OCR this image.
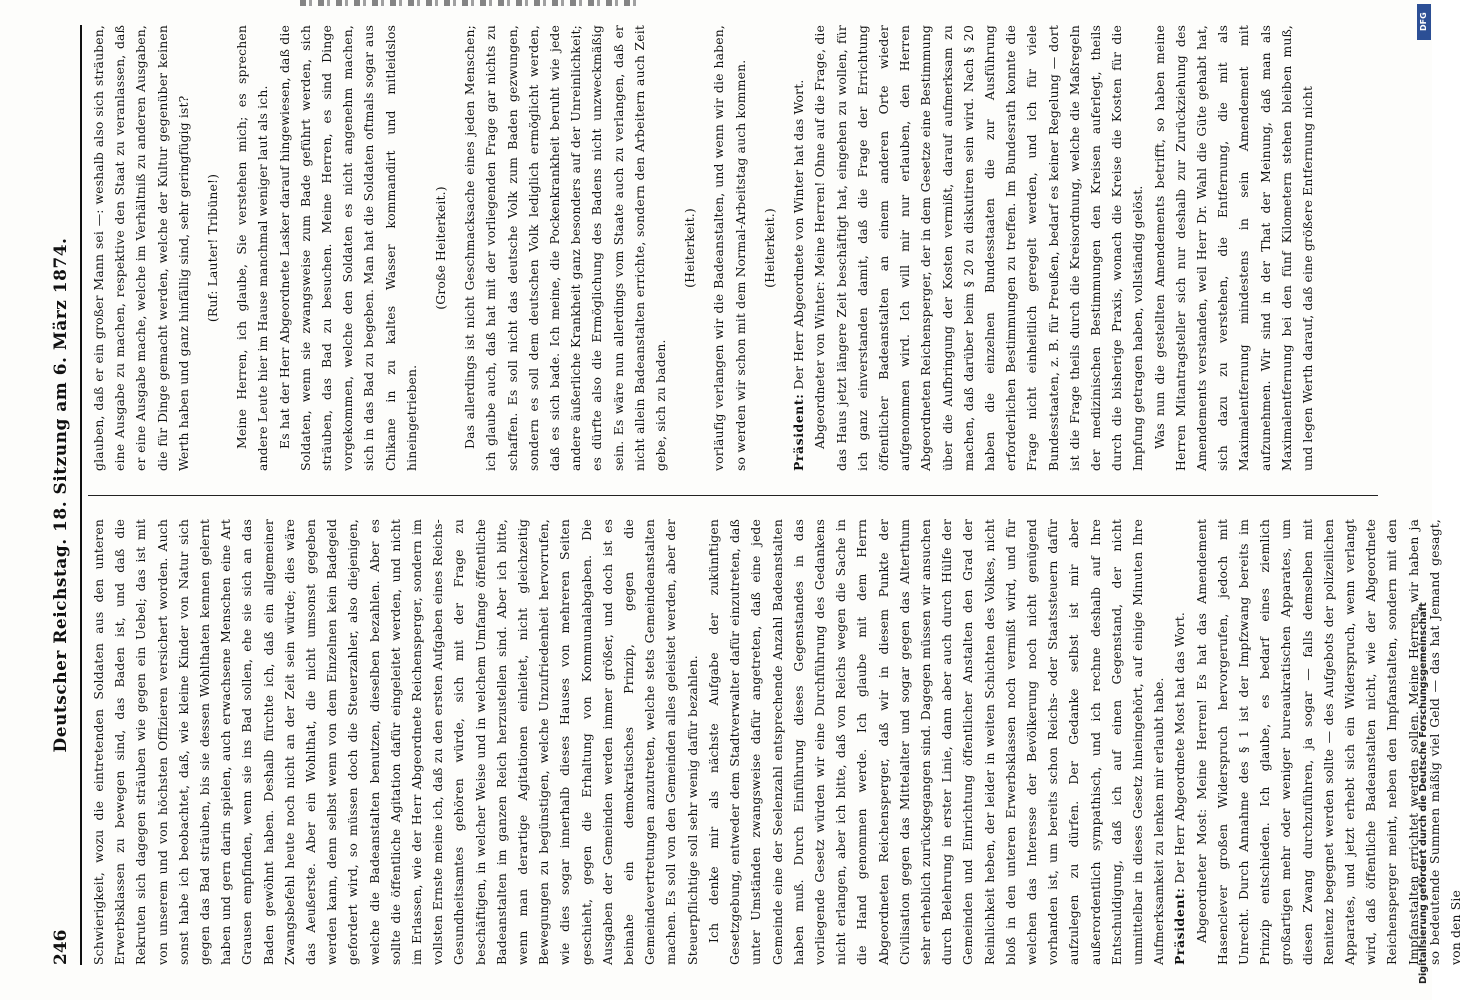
246
Deutscher Reichstag. 18. Sitzung am 6. März 1874.	Schwierigkeit, wozu die eintretenden Soldaten aus den unteren Erwerbsklassen zu bewegen sind, das Baden ist, und daß die Rekruten sich dagegen sträuben wie gegen ein Uebel; das ist mit von unserem und von höchsten Offizieren versichert worden. Auch sonst habe ich beobachtet, daß, wie kleine Kinder von Natur sich gegen das Bad sträuben, bis sie dessen Wohlthaten kennen gelernt haben und gern darin spielen, auch erwachsene Menschen eine Art Grausen empfinden, wenn sie ins Bad sollen, ehe sie sich an das Baden gewöhnt haben. Deshalb fürchte ich, daß ein allgemeiner Zwangsbefehl heute noch nicht an der Zeit sein würde; dies wäre das Aeußerste. Aber ein Wohlthat, die nicht umsonst gegeben werden kann, denn selbst wenn von dem Einzelnen kein Badegeld gefordert wird, so müssen doch die Steuerzahler, also diejenigen, welche die Badeanstalten benutzen, dieselben bezahlen. Aber es sollte die öffentliche Agitation dafür eingeleitet werden, und nicht im Erlassen, wie der Herr Abgeordnete Reichensperger, sondern im vollsten Ernste meine ich, daß zu den ersten Aufgaben eines Reichs-Gesundheitsamtes gehören würde, sich mit der Frage zu beschäftigen, in welcher Weise und in welchem Umfange öffentliche Badeanstalten im ganzen Reich herzustellen sind. Aber ich bitte, wenn man derartige Agitationen einleitet, nicht gleichzeitig Bewegungen zu begünstigen, welche Unzufriedenheit hervorrufen, wie dies sogar innerhalb dieses Hauses von mehreren Seiten geschieht, gegen die Erhaltung von Kommunalabgaben. Die Ausgaben der Gemeinden werden immer größer, und doch ist es beinahe ein demokratisches Prinzip, gegen die Gemeindevertretungen anzutreten, welche stets Gemeindeanstalten machen. Es soll von den Gemeinden alles geleistet werden, aber der Steuerpflichtige soll sehr wenig dafür bezahlen. Ich denke mir als nächste Aufgabe der zukünftigen Gesetzgebung, entweder dem Stadtverwalter dafür einzutreten, daß unter Umständen zwangsweise dafür angetreten, daß eine jede Gemeinde eine der Seelenzahl entsprechende Anzahl Badeanstalten haben muß. Durch Einführung dieses Gegenstandes in das vorliegende Gesetz würden wir eine Durchführung des Gedankens nicht erlangen, aber ich bitte, daß von Reichs wegen die Sache in die Hand genommen werde. Ich glaube mit dem Herrn Abgeordneten Reichensperger, daß wir in diesem Punkte der Civilisation gegen das Mittelalter und sogar gegen das Alterthum sehr erheblich zurückgegangen sind. Dagegen müssen wir ansuchen durch Belehrung in erster Linie, dann aber auch durch Hülfe der Gemeinden und Einrichtung öffentlicher Anstalten den Grad der Reinlichkeit heben, der leider in weiten Schichten des Volkes, nicht bloß in den unteren Erwerbsklassen noch vermißt wird, und für welchen das Interesse der Bevölkerung noch nicht genügend vorhanden ist, um bereits schon Reichs- oder Staatssteuern dafür aufzulegen zu dürfen. Der Gedanke selbst ist mir aber außerordentlich sympathisch, und ich rechne deshalb auf Ihre Entschuldigung, daß ich auf einen Gegenstand, der nicht unmittelbar in dieses Gesetz hineingehört, auf einige Minuten Ihre Aufmerksamkeit zu lenken mir erlaubt habe. Präsident: Der Herr Abgeordnete Most hat das Wort. Abgeordneter Most: Meine Herren! Es hat das Amendement Hasenclever großen Widerspruch hervorgerufen, jedoch mit Unrecht. Durch Annahme des § 1 ist der Impfzwang bereits im Prinzip entschieden. Ich glaube, es bedarf eines ziemlich großartigen mehr oder weniger bureaukratischen Apparates, um diesen Zwang durchzuführen, ja sogar — falls demselben mit Renitenz begegnet werden sollte — des Aufgebots der polizeilichen Apparates, und jetzt erhebt sich ein Widerspruch, wenn verlangt wird, daß öffentliche Badeanstalten nicht, wie der Abgeordnete Reichensperger meint, neben den Impfanstalten, sondern mit den Impfanstalten errichtet werden sollen. Meine Herren, wir haben ja so bedeutende Summen mäßig viel Geld — das hat Jemand gesagt, von den Sie

glauben, daß er ein großer Mann sei —: weshalb also sich sträuben, eine Ausgabe zu machen, respektive den Staat zu veranlassen, daß er eine Ausgabe mache, welche im Verhältniß zu anderen Ausgaben, die für Dinge gemacht werden, welche der Kultur gegenüber keinen Werth haben und ganz hinfällig sind, sehr geringfügig ist? (Ruf: Lauter! Tribüne!) Meine Herren, ich glaube, Sie verstehen mich; es sprechen andere Leute hier im Hause manchmal weniger laut als ich. Es hat der Herr Abgeordnete Lasker darauf hingewiesen, daß die Soldaten, wenn sie zwangsweise zum Bade geführt werden, sich sträuben, das Bad zu besuchen. Meine Herren, es sind Dinge vorgekommen, welche den Soldaten es nicht angenehm machen, sich in das Bad zu begeben. Man hat die Soldaten oftmals sogar aus Chikane in zu kaltes Wasser kommandirt und mitleidslos hineingetrieben.

(Große Heiterkeit.) Das allerdings ist nicht Geschmacksache eines jeden Menschen; ich glaube auch, daß hat mit der vorliegenden Frage gar nichts zu schaffen. Es soll nicht das deutsche Volk zum Baden gezwungen, sondern es soll dem deutschen Volk lediglich ermöglicht werden, daß es sich bade. Ich meine, die Pockenkrankheit beruht wie jede andere äußerliche Krankheit ganz besonders auf der Unreinlichkeit; es dürfte also die Ermöglichung des Badens nicht unzweckmäßig sein. Es wäre nun allerdings vom Staate auch zu verlangen, daß er nicht allein Badeanstalten errichte, sondern den Arbeitern auch Zeit gebe, sich zu baden.

(Heiterkeit.) vorläufig verlangen wir die Badeanstalten, und wenn wir die haben, so werden wir schon mit dem Normal-Arbeitstag auch kommen. (Heiterkeit.)

Präsident: Der Herr Abgeordnete von Winter hat das Wort. Abgeordneter von Winter: Meine Herren! Ohne auf die Frage, die das Haus jetzt längere Zeit beschäftigt hat, eingehen zu wollen, für ich ganz einverstanden damit, daß die Frage der Errichtung öffentlicher Badeanstalten an einem anderen Orte wieder aufgenommen wird. Ich will mir nur erlauben, den Herren Abgeordneten Reichensperger, der in dem Gesetze eine Bestimmung über die Aufbringung der Kosten vermißt, darauf aufmerksam zu machen, daß darüber beim § 20 zu diskutiren sein wird. Nach § 20 haben die einzelnen Bundesstaaten die zur Ausführung erforderlichen Bestimmungen zu treffen. Im Bundesrath konnte die Frage nicht einheitlich geregelt werden, und ich für viele Bundesstaaten, z. B. für Preußen, bedarf es keiner Regelung — dort ist die Frage theils durch die Kreisordnung, welche die Maßregeln der medizinischen Bestimmungen den Kreisen auferlegt, theils durch die bisherige Praxis, wonach die Kreise die Kosten für die Impfung getragen haben, vollständig gelöst. Was nun die gestellten Amendements betrifft, so haben meine Herren Mitantragsteller sich nur deshalb zur Zurückziehung des Amendements verstanden, weil Herr Dr. Wahl die Güte gehabt hat, sich dazu zu verstehen, die Entfernung, die mit als Maximalentfernung mindestens in sein Amendement mit aufzunehmen. Wir sind in der That der Meinung, daß man als Maximalentfernung bei den fünf Kilometern stehen bleiben muß, und legen Werth darauf, daß eine größere Entfernung nicht

DFG
Digitalisierung gefördert durch die Deutsche Forschungsgemeinschaft
